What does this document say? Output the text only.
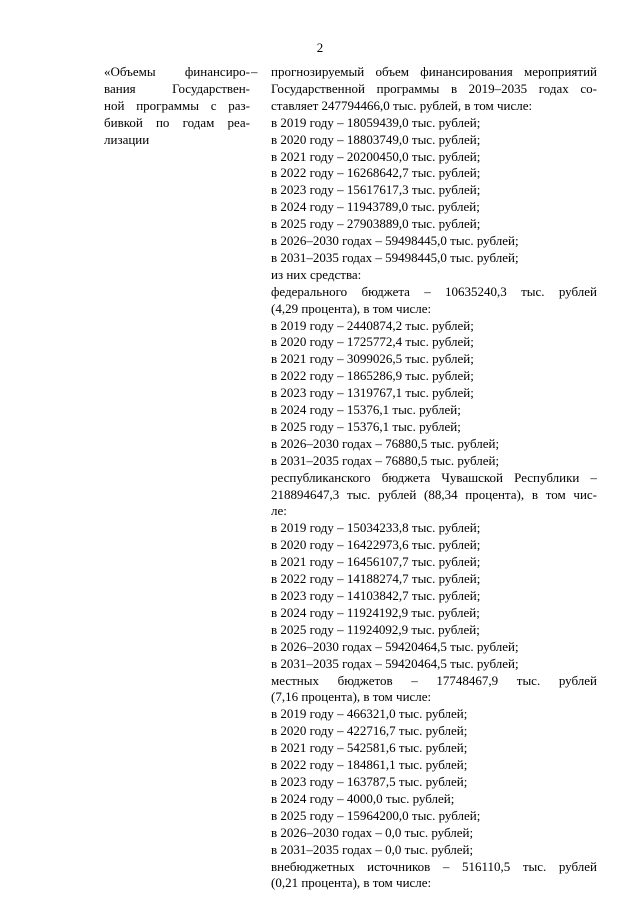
2
«Объемы финансиро-
вания Государствен-
ной программы с раз-
бивкой по годам реа-
лизации
– прогнозируемый объем финансирования мероприятий
Государственной программы в 2019–2035 годах со-
ставляет 247794466,0 тыс. рублей, в том числе:
в 2019 году – 18059439,0 тыс. рублей;
в 2020 году – 18803749,0 тыс. рублей;
в 2021 году – 20200450,0 тыс. рублей;
в 2022 году – 16268642,7 тыс. рублей;
в 2023 году – 15617617,3 тыс. рублей;
в 2024 году – 11943789,0 тыс. рублей;
в 2025 году – 27903889,0 тыс. рублей;
в 2026–2030 годах – 59498445,0 тыс. рублей;
в 2031–2035 годах – 59498445,0 тыс. рублей;
из них средства:
федерального бюджета – 10635240,3 тыс. рублей
(4,29 процента), в том числе:
в 2019 году – 2440874,2 тыс. рублей;
в 2020 году – 1725772,4 тыс. рублей;
в 2021 году – 3099026,5 тыс. рублей;
в 2022 году – 1865286,9 тыс. рублей;
в 2023 году – 1319767,1 тыс. рублей;
в 2024 году – 15376,1 тыс. рублей;
в 2025 году – 15376,1 тыс. рублей;
в 2026–2030 годах – 76880,5 тыс. рублей;
в 2031–2035 годах – 76880,5 тыс. рублей;
республиканского бюджета Чувашской Республики –
218894647,3 тыс. рублей (88,34 процента), в том чис-
ле:
в 2019 году – 15034233,8 тыс. рублей;
в 2020 году – 16422973,6 тыс. рублей;
в 2021 году – 16456107,7 тыс. рублей;
в 2022 году – 14188274,7 тыс. рублей;
в 2023 году – 14103842,7 тыс. рублей;
в 2024 году – 11924192,9 тыс. рублей;
в 2025 году – 11924092,9 тыс. рублей;
в 2026–2030 годах – 59420464,5 тыс. рублей;
в 2031–2035 годах – 59420464,5 тыс. рублей;
местных бюджетов – 17748467,9 тыс. рублей
(7,16 процента), в том числе:
в 2019 году – 466321,0 тыс. рублей;
в 2020 году – 422716,7 тыс. рублей;
в 2021 году – 542581,6 тыс. рублей;
в 2022 году – 184861,1 тыс. рублей;
в 2023 году – 163787,5 тыс. рублей;
в 2024 году – 4000,0 тыс. рублей;
в 2025 году – 15964200,0 тыс. рублей;
в 2026–2030 годах – 0,0 тыс. рублей;
в 2031–2035 годах – 0,0 тыс. рублей;
внебюджетных источников – 516110,5 тыс. рублей
(0,21 процента), в том числе:
